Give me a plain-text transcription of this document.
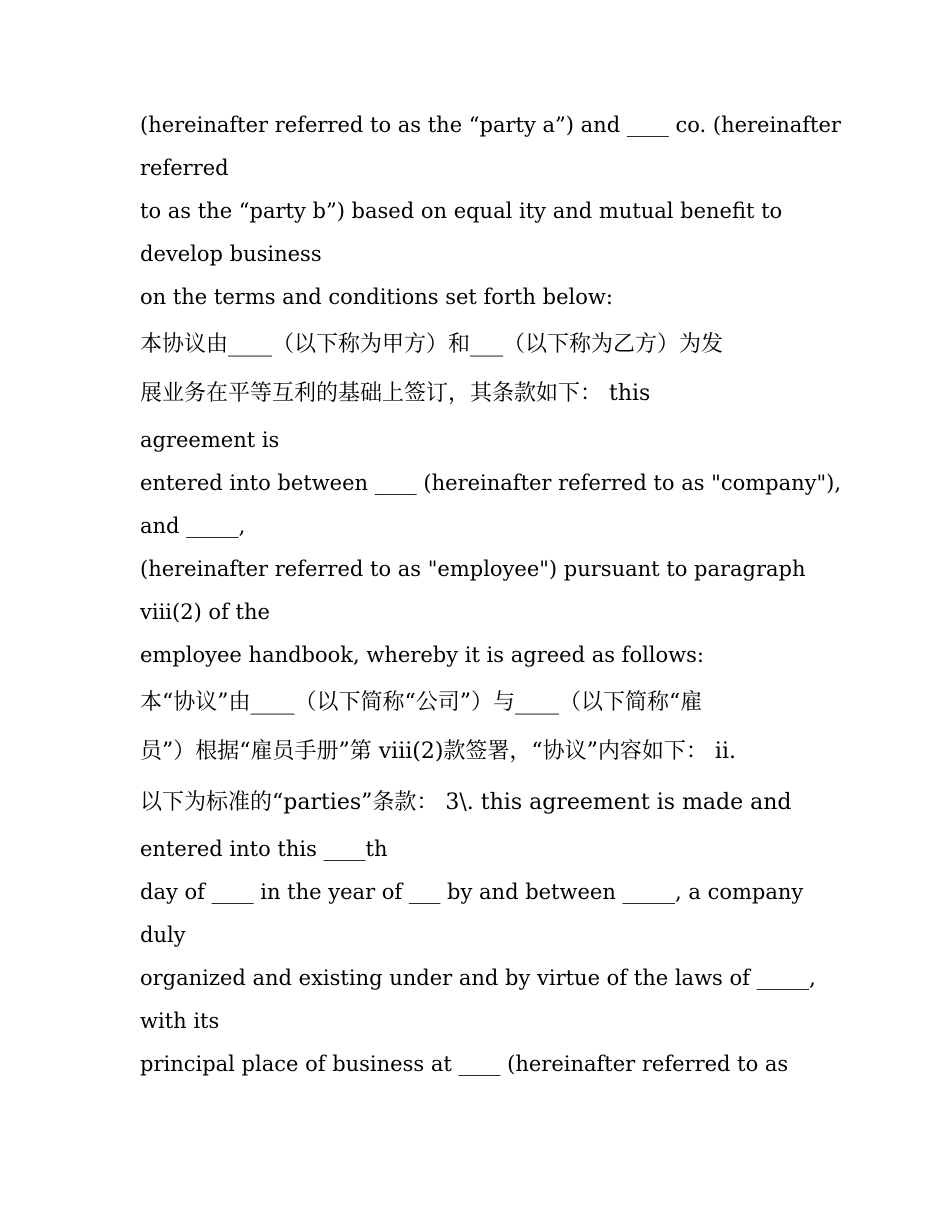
(hereinafter referred to as the “party a”) and ____ co. (hereinafter

referred

to as the “party b”) based on equal ity and mutual benefit to

develop business

on the terms and conditions set forth below:

本协议由____（以下称为甲方）和___（以下称为乙方）为发

展业务在平等互利的基础上签订，其条款如下： this

agreement is

entered into between ____ (hereinafter referred to as "company"),

and _____,

(hereinafter referred to as "employee") pursuant to paragraph

viii(2) of the

employee handbook, whereby it is agreed as follows:

本“协议”由____（以下简称“公司”）与____（以下简称“雇

员”）根据“雇员手册”第 viii(2)款签署，“协议”内容如下： ii.

以下为标准的“parties”条款： 3\. this agreement is made and

entered into this ____th

day of ____ in the year of ___ by and between _____, a company

duly

organized and existing under and by virtue of the laws of _____,

with its

principal place of business at ____ (hereinafter referred to as
